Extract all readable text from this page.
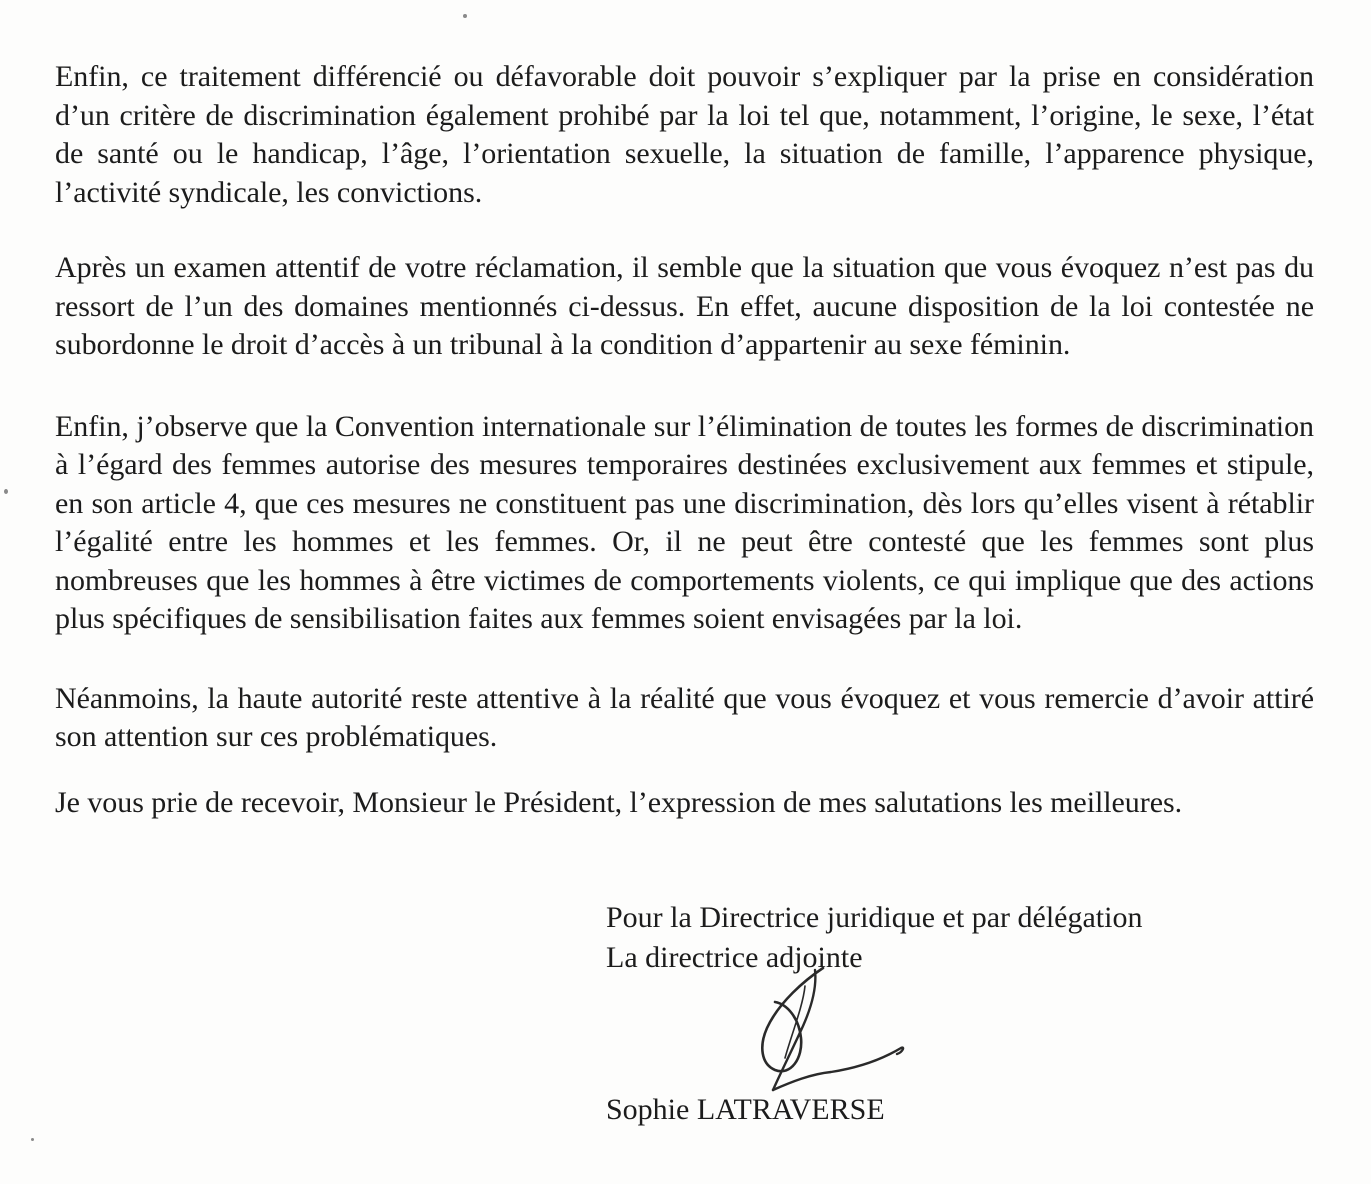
Enfin, ce traitement différencié ou défavorable doit pouvoir s’expliquer par la prise en considération d’un critère de discrimination également prohibé par la loi tel que, notamment, l’origine, le sexe, l’état de santé ou le handicap, l’âge, l’orientation sexuelle, la situation de famille, l’apparence physique, l’activité syndicale, les convictions.

Après un examen attentif de votre réclamation, il semble que la situation que vous évoquez n’est pas du ressort de l’un des domaines mentionnés ci-dessus. En effet, aucune disposition de la loi contestée ne subordonne le droit d’accès à un tribunal à la condition d’appartenir au sexe féminin.

Enfin, j’observe que la Convention internationale sur l’élimination de toutes les formes de discrimination à l’égard des femmes autorise des mesures temporaires destinées exclusivement aux femmes et stipule, en son article 4, que ces mesures ne constituent pas une discrimination, dès lors qu’elles visent à rétablir l’égalité entre les hommes et les femmes. Or, il ne peut être contesté que les femmes sont plus nombreuses que les hommes à être victimes de comportements violents, ce qui implique que des actions plus spécifiques de sensibilisation faites aux femmes soient envisagées par la loi.

Néanmoins, la haute autorité reste attentive à la réalité que vous évoquez et vous remercie d’avoir attiré son attention sur ces problématiques.

Je vous prie de recevoir, Monsieur le Président, l’expression de mes salutations les meilleures.

Pour la Directrice juridique et par délégation

La directrice adjointe

Sophie LATRAVERSE
